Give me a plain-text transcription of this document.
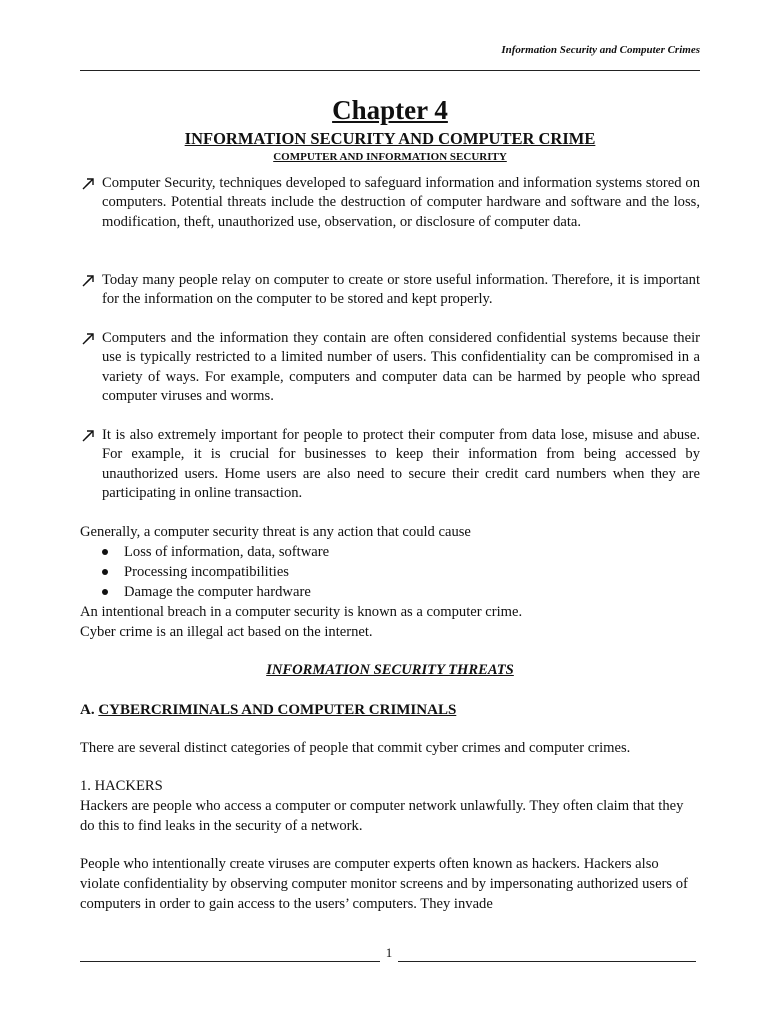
Information Security and Computer Crimes
Chapter 4
INFORMATION SECURITY AND COMPUTER CRIME
COMPUTER AND INFORMATION SECURITY

Computer Security, techniques developed to safeguard information and information systems stored on computers. Potential threats include the destruction of computer hardware and software and the loss, modification, theft, unauthorized use, observation, or disclosure of computer data.

Today many people relay on computer to create or store useful information. Therefore, it is important for the information on the computer to be stored and kept properly.

Computers and the information they contain are often considered confidential systems because their use is typically restricted to a limited number of users. This confidentiality can be compromised in a variety of ways. For example, computers and computer data can be harmed by people who spread computer viruses and worms.

It is also extremely important for people to protect their computer from data lose, misuse and abuse. For example, it is crucial for businesses to keep their information from being accessed by unauthorized users. Home users are also need to secure their credit card numbers when they are participating in online transaction.

Generally, a computer security threat is any action that could cause

Loss of information, data, software
Processing incompatibilities
Damage the computer hardware

An intentional breach in a computer security is known as a computer crime.

Cyber crime is an illegal act based on the internet.

INFORMATION SECURITY THREATS

A. CYBERCRIMINALS AND COMPUTER CRIMINALS

There are several distinct categories of people that commit cyber crimes and computer crimes.

1. HACKERS

Hackers are people who access a computer or computer network unlawfully. They often claim that they do this to find leaks in the security of a network.

People who intentionally create viruses are computer experts often known as hackers. Hackers also violate confidentiality by observing computer monitor screens and by impersonating authorized users of computers in order to gain access to the users’ computers. They invade

1
